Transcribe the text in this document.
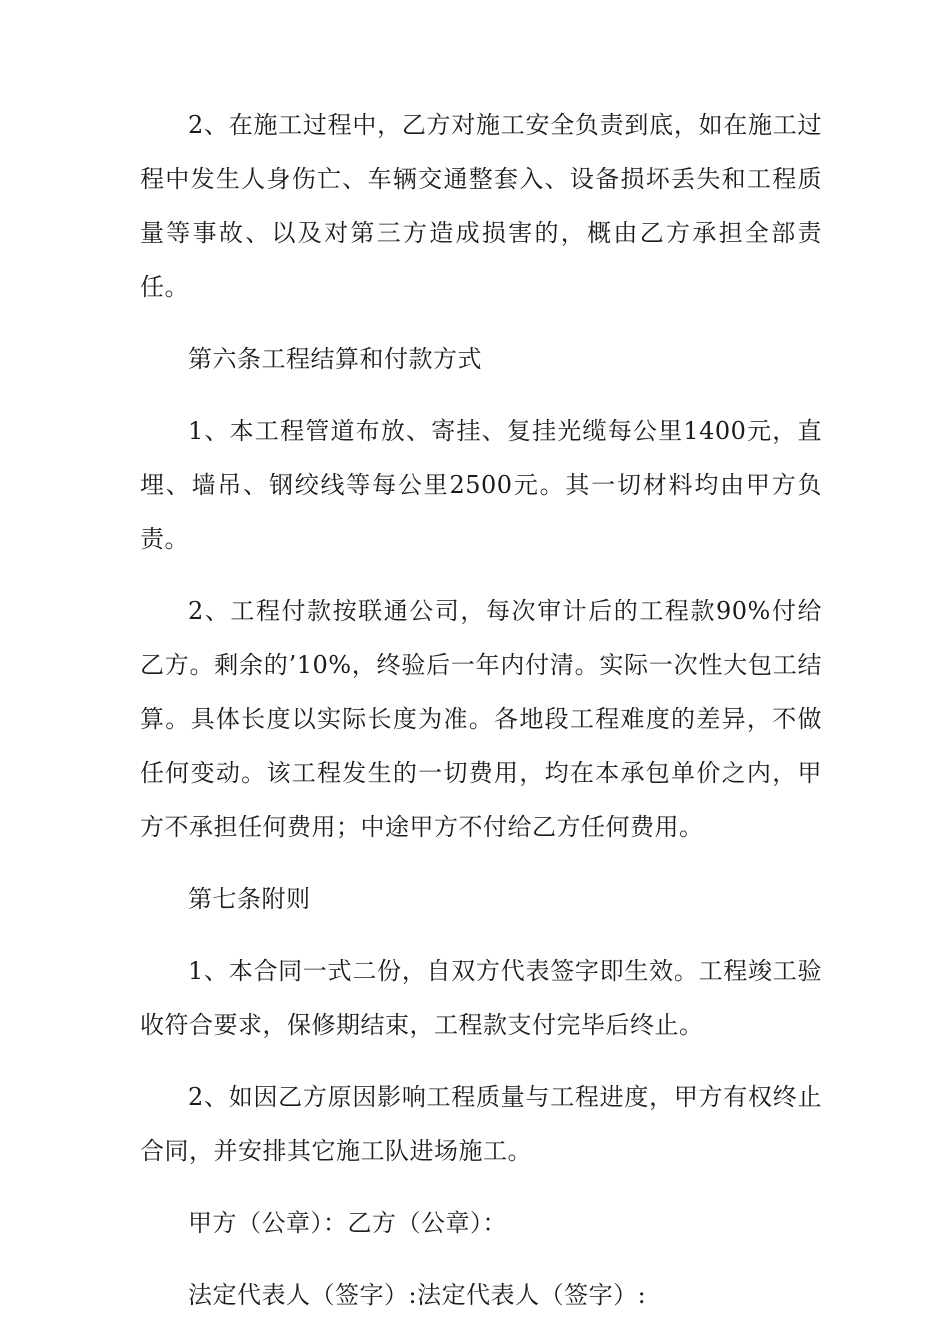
2、在施工过程中，乙方对施工安全负责到底，如在施工过程中发生人身伤亡、车辆交通整套入、设备损坏丢失和工程质量等事故、以及对第三方造成损害的，概由乙方承担全部责任。

第六条工程结算和付款方式

1、本工程管道布放、寄挂、复挂光缆每公里1400元，直埋、墙吊、钢绞线等每公里2500元。其一切材料均由甲方负责。

2、工程付款按联通公司，每次审计后的工程款90%付给乙方。剩余的’10%，终验后一年内付清。实际一次性大包工结算。具体长度以实际长度为准。各地段工程难度的差异，不做任何变动。该工程发生的一切费用，均在本承包单价之内，甲方不承担任何费用；中途甲方不付给乙方任何费用。

第七条附则

1、本合同一式二份，自双方代表签字即生效。工程竣工验收符合要求，保修期结束，工程款支付完毕后终止。

2、如因乙方原因影响工程质量与工程进度，甲方有权终止合同，并安排其它施工队进场施工。

甲方（公章）：乙方（公章）：

法定代表人（签字）:法定代表人（签字）:
